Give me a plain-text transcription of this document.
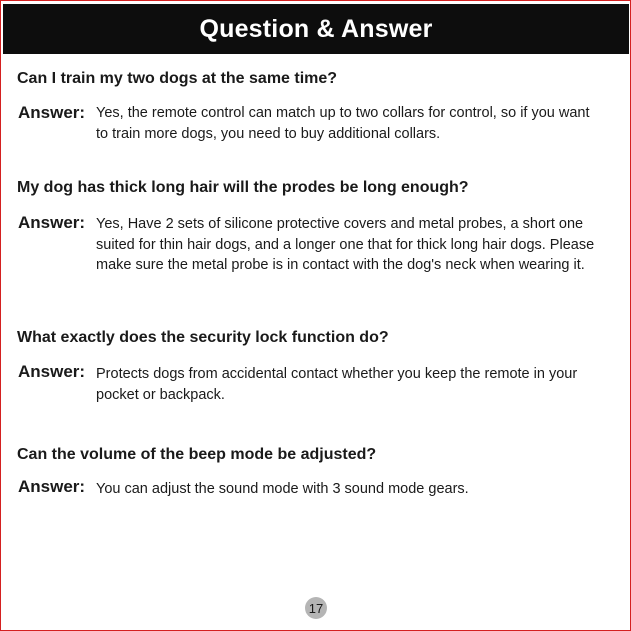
Question & Answer
Can I train my two dogs at the same time?
Answer: Yes, the remote control can match up to two collars for control, so if you want to train more dogs, you need to buy additional collars.
My dog has thick long hair will the prodes be long enough?
Answer: Yes, Have 2 sets of silicone protective covers and metal probes, a short one suited for thin hair dogs, and a longer one that for thick long hair dogs. Please make sure the metal probe is in contact with the dog's neck when wearing it.
What exactly does the security lock function do?
Answer: Protects dogs from accidental contact whether you keep the remote in your pocket or backpack.
Can the volume of the beep mode be adjusted?
Answer: You can adjust the sound mode with 3 sound mode gears.
17
